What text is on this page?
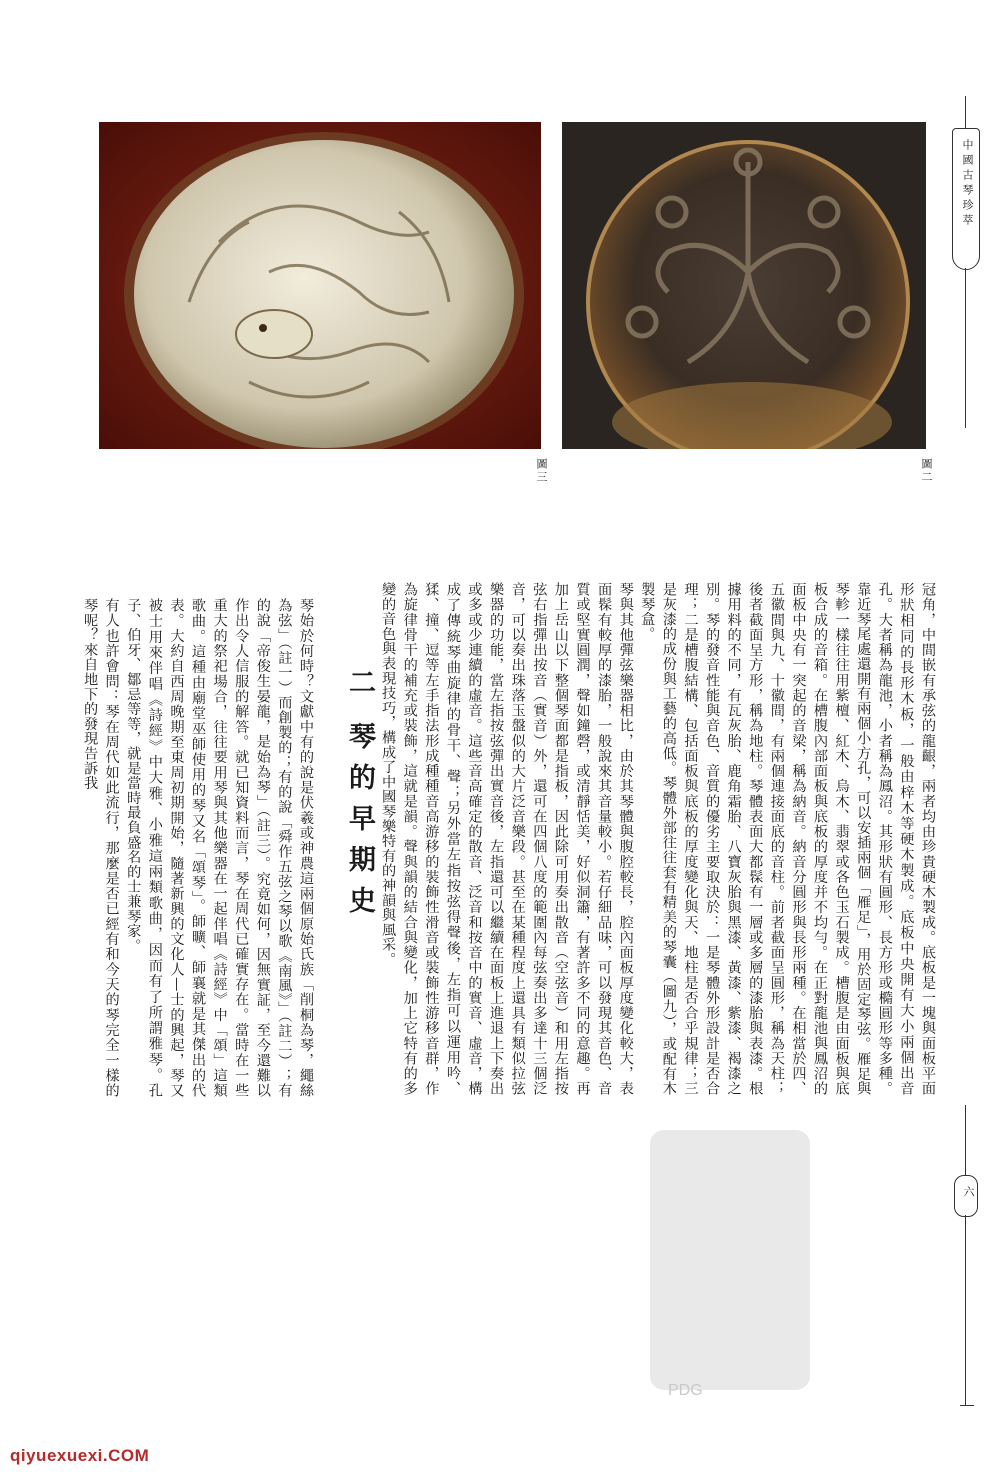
圖三	圖二
中國古琴珍萃
六
冠角，中間嵌有承弦的龍齦，兩者均由珍貴硬木製成。底板是一塊與面板平面形狀相同的長形木板，一般由梓木等硬木製成。底板中央開有大小兩個出音孔。大者稱為龍池，小者稱為鳳沼。其形狀有圓形、長方形或橢圓形等多種。靠近琴尾處還開有兩個小方孔，可以安插兩個「雁足」，用於固定琴弦。雁足與琴軫一樣往往用紫檀、紅木、烏木、翡翠或各色玉石製成。槽腹是由面板與底板合成的音箱。在槽腹內部面板與底板的厚度并不均勻。在正對龍池與鳳沼的面板中央有一突起的音梁，稱為納音。納音分圓形與長形兩種。在相當於四、五徽間與九、十徽間，有兩個連接面底的音柱。前者截面呈圓形，稱為天柱；後者截面呈方形，稱為地柱。琴體表面大都髹有一層或多層的漆胎與表漆。根據用料的不同，有瓦灰胎、鹿角霜胎、八寶灰胎與黑漆、黃漆、紫漆、褐漆之別。琴的發音性能與音色、音質的優劣主要取決於：一是琴體外形設計是否合理；二是槽腹結構、包括面板與底板的厚度變化與天、地柱是否合乎規律；三是灰漆的成份與工藝的高低。琴體外部往往套有精美的琴囊（圖九），或配有木製琴盒。
琴與其他彈弦樂器相比，由於其琴體與腹腔較長，腔內面板厚度變化較大，表面髹有較厚的漆胎，一般說來其音量較小。若仔細品味，可以發現其音色、音質或堅實圓潤，聲如鐘磬，或清靜恬美，好似洞簫，有著許多不同的意趣。再加上岳山以下整個琴面都是指板，因此除可用奏出散音（空弦音）和用左指按弦右指彈出按音（實音）外，還可在四個八度的範圍內每弦奏出多達十三個泛音，可以奏出珠落玉盤似的大片泛音樂段。甚至在某種程度上還具有類似拉弦樂器的功能，當左指按弦彈出實音後，左指還可以繼續在面板上進退上下奏出或多或少連續的虛音。這些音高確定的散音、泛音和按音中的實音、虛音，構成了傳統琴曲旋律的骨干、聲；另外當左指按弦得聲後，左指可以運用吟、猱、撞、逗等左手指法形成種種音高游移的裝飾性滑音或裝飾性游移音群，作為旋律骨干的補充或裝飾，這就是韻。聲與韻的結合與變化，加上它特有的多變的音色與表現技巧，構成了中國琴樂特有的神韻與風采。
二
琴的早期史
琴始於何時？文獻中有的說是伏羲或神農這兩個原始氏族「削桐為琴，繩絲為弦」（註一）而創製的；有的說「舜作五弦之琴以歌《南風》」（註二）；有的說「帝俊生晏龍，是始為琴」（註三）。究竟如何，因無實証，至今還難以作出令人信服的解答。就已知資料而言，琴在周代已確實存在。當時在一些重大的祭祀場合，往往要用琴與其他樂器在一起伴唱《詩經》中「頌」這類歌曲。這種由廟堂巫師使用的琴又名「頌琴」。師曠、師襄就是其傑出的代表。大約自西周晚期至東周初期開始，隨著新興的文化人—士的興起，琴又被士用來伴唱《詩經》中大雅、小雅這兩類歌曲，因而有了所謂雅琴。孔子、伯牙、鄒忌等等，就是當時最負盛名的士兼琴家。
有人也許會問：琴在周代如此流行，那麼是否已經有和今天的琴完全一樣的琴呢？來自地下的發現告訴我
PDG
qiyuexuexi.COM
